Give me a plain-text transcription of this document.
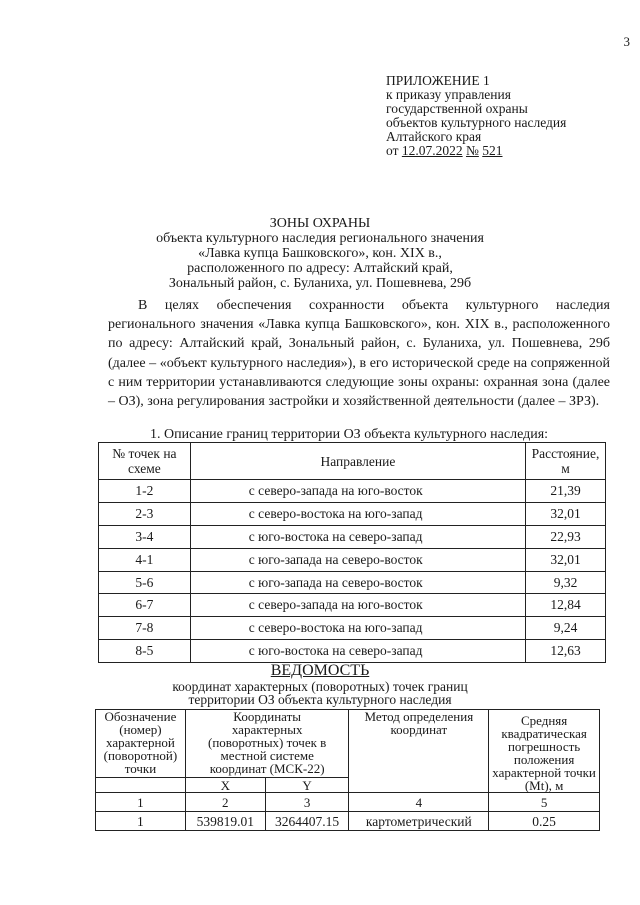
3
ПРИЛОЖЕНИЕ 1
к приказу управления
государственной охраны
объектов культурного наследия
Алтайского края
от 12.07.2022 № 521
ЗОНЫ ОХРАНЫ
объекта культурного наследия регионального значения
«Лавка купца Башковского», кон. XIX в.,
расположенного по адресу: Алтайский край,
Зональный район, с. Буланиха, ул. Пошевнева, 29б
В целях обеспечения сохранности объекта культурного наследия регионального значения «Лавка купца Башковского», кон. XIX в., расположенного по адресу: Алтайский край, Зональный район, с. Буланиха, ул. Пошевнева, 29б (далее – «объект культурного наследия»), в его исторической среде на сопряженной с ним территории устанавливаются следующие зоны охраны: охранная зона (далее – ОЗ), зона регулирования застройки и хозяйственной деятельности (далее – ЗРЗ).
1. Описание границ территории ОЗ объекта культурного наследия:
№ точек на схеме	Направление	Расстояние, м
1-2	с северо-запада на юго-восток	21,39
2-3	с северо-востока на юго-запад	32,01
3-4	с юго-востока на северо-запад	22,93
4-1	с юго-запада на северо-восток	32,01
5-6	с юго-запада на северо-восток	9,32
6-7	с северо-запада на юго-восток	12,84
7-8	с северо-востока на юго-запад	9,24
8-5	с юго-востока на северо-запад	12,63
ВЕДОМОСТЬ
координат характерных (поворотных) точек границ
территории ОЗ объекта культурного наследия
Обозначение (номер) характерной (поворотной) точки	Координаты характерных (поворотных) точек в местной системе координат (МСК-22)		Метод определения координат	Средняя квадратическая погрешность положения характерной точки (Mt), м

	X	Y		
1	2	3	4	5
1	539819.01	3264407.15	картометрический	0.25
